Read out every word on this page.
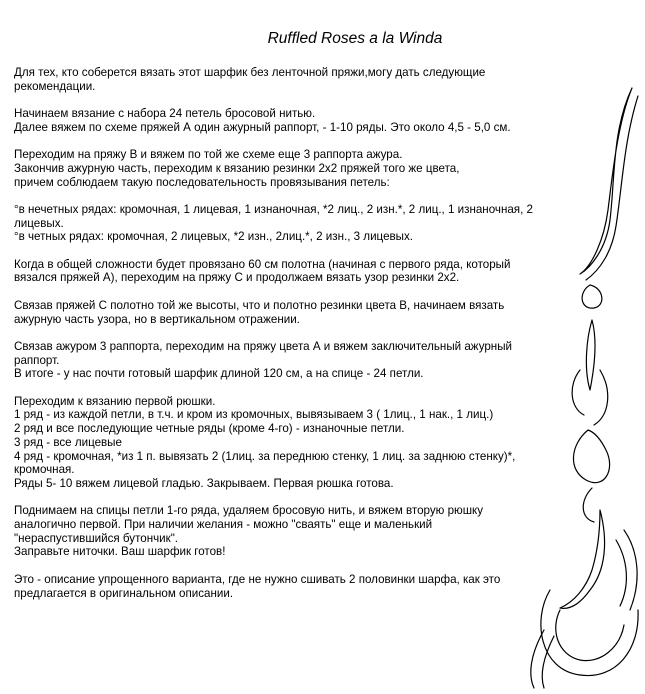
Ruffled Roses a la Winda

Для тех, кто соберется вязать этот шарфик без ленточной пряжи,могу дать следующие
рекомендации.

Начинаем вязание с набора 24 петель бросовой нитью.
Далее вяжем по схеме пряжей А один ажурный раппорт, - 1-10 ряды. Это около 4,5 - 5,0 см.

Переходим на пряжу В и вяжем по той же схеме еще 3 раппорта ажура.
Закончив ажурную часть, переходим к вязанию резинки 2х2 пряжей того же цвета,
причем соблюдаем такую последовательность провязывания петель:

°в нечетных рядах: кромочная, 1 лицевая, 1 изнаночная, *2 лиц., 2 изн.*, 2 лиц., 1 изнаночная, 2
лицевых.
°в четных рядах: кромочная, 2 лицевых, *2 изн., 2лиц.*, 2 изн., 3 лицевых.

Когда в общей сложности будет провязано 60 см полотна (начиная с первого ряда, который
вязался пряжей А), переходим на пряжу С и продолжаем вязать узор резинки 2х2.

Связав пряжей С полотно той же высоты, что и полотно резинки цвета В, начинаем вязать
ажурную часть узора, но в вертикальном отражении.

Связав ажуром 3 раппорта, переходим на пряжу цвета А и вяжем заключительный ажурный
раппорт.
В итоге - у нас почти готовый шарфик длиной 120 см, а на спице - 24 петли.

Переходим к вязанию первой рюшки.
1 ряд - из каждой петли, в т.ч. и кром из кромочных, вывязываем 3 ( 1лиц., 1 нак., 1 лиц.)
2 ряд и все последующие четные ряды (кроме 4-го) - изнаночные петли.
3 ряд - все лицевые
4 ряд - кромочная, *из 1 п. вывязать 2 (1лиц. за переднюю стенку, 1 лиц. за заднюю стенку)*,
кромочная.
Ряды 5- 10 вяжем лицевой гладью. Закрываем. Первая рюшка готова.

Поднимаем на спицы петли 1-го ряда, удаляем бросовую нить, и вяжем вторую рюшку
аналогично первой. При наличии желания - можно "сваять" еще и маленький
"нераспустившийся бутончик".
Заправьте ниточки. Ваш шарфик готов!

Это - описание упрощенного варианта, где не нужно сшивать 2 половинки шарфа, как это
предлагается в оригинальном описании.
